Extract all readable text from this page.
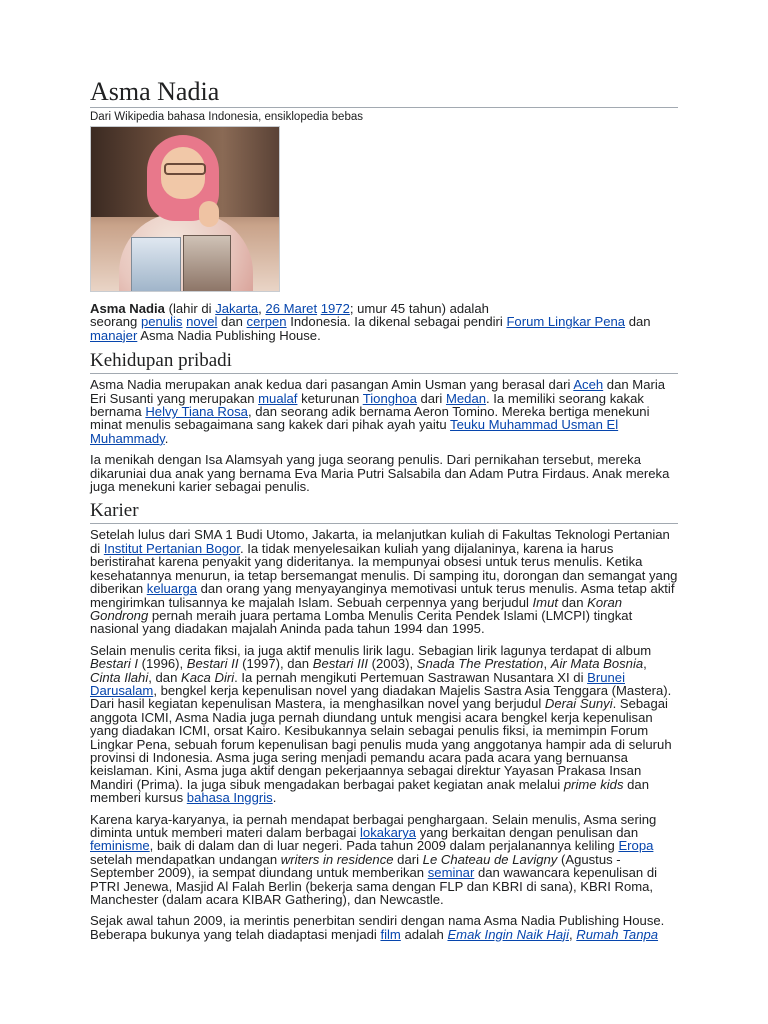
Asma Nadia
Dari Wikipedia bahasa Indonesia, ensiklopedia bebas

Asma Nadia (lahir di Jakarta, 26 Maret 1972; umur 45 tahun) adalah
seorang penulis novel dan cerpen Indonesia. Ia dikenal sebagai pendiri Forum Lingkar Pena dan manajer Asma Nadia Publishing House.

Kehidupan pribadi

Asma Nadia merupakan anak kedua dari pasangan Amin Usman yang berasal dari Aceh dan Maria Eri Susanti yang merupakan mualaf keturunan Tionghoa dari Medan. Ia memiliki seorang kakak bernama Helvy Tiana Rosa, dan seorang adik bernama Aeron Tomino. Mereka bertiga menekuni minat menulis sebagaimana sang kakek dari pihak ayah yaitu Teuku Muhammad Usman El Muhammady.

Ia menikah dengan Isa Alamsyah yang juga seorang penulis. Dari pernikahan tersebut, mereka dikaruniai dua anak yang bernama Eva Maria Putri Salsabila dan Adam Putra Firdaus. Anak mereka juga menekuni karier sebagai penulis.

Karier

Setelah lulus dari SMA 1 Budi Utomo, Jakarta, ia melanjutkan kuliah di Fakultas Teknologi Pertanian di Institut Pertanian Bogor. Ia tidak menyelesaikan kuliah yang dijalaninya, karena ia harus beristirahat karena penyakit yang dideritanya. Ia mempunyai obsesi untuk terus menulis. Ketika kesehatannya menurun, ia tetap bersemangat menulis. Di samping itu, dorongan dan semangat yang diberikan keluarga dan orang yang menyayanginya memotivasi untuk terus menulis. Asma tetap aktif mengirimkan tulisannya ke majalah Islam. Sebuah cerpennya yang berjudul Imut dan Koran Gondrong pernah meraih juara pertama Lomba Menulis Cerita Pendek Islami (LMCPI) tingkat nasional yang diadakan majalah Aninda pada tahun 1994 dan 1995.

Selain menulis cerita fiksi, ia juga aktif menulis lirik lagu. Sebagian lirik lagunya terdapat di album Bestari I (1996), Bestari II (1997), dan Bestari III (2003), Snada The Prestation, Air Mata Bosnia, Cinta Ilahi, dan Kaca Diri. Ia pernah mengikuti Pertemuan Sastrawan Nusantara XI di Brunei Darusalam, bengkel kerja kepenulisan novel yang diadakan Majelis Sastra Asia Tenggara (Mastera). Dari hasil kegiatan kepenulisan Mastera, ia menghasilkan novel yang berjudul Derai Sunyi. Sebagai anggota ICMI, Asma Nadia juga pernah diundang untuk mengisi acara bengkel kerja kepenulisan yang diadakan ICMI, orsat Kairo. Kesibukannya selain sebagai penulis fiksi, ia memimpin Forum Lingkar Pena, sebuah forum kepenulisan bagi penulis muda yang anggotanya hampir ada di seluruh provinsi di Indonesia. Asma juga sering menjadi pemandu acara pada acara yang bernuansa keislaman. Kini, Asma juga aktif dengan pekerjaannya sebagai direktur Yayasan Prakasa Insan Mandiri (Prima). Ia juga sibuk mengadakan berbagai paket kegiatan anak melalui prime kids dan memberi kursus bahasa Inggris.

Karena karya-karyanya, ia pernah mendapat berbagai penghargaan. Selain menulis, Asma sering diminta untuk memberi materi dalam berbagai lokakarya yang berkaitan dengan penulisan dan feminisme, baik di dalam dan di luar negeri. Pada tahun 2009 dalam perjalanannya keliling Eropa setelah mendapatkan undangan writers in residence dari Le Chateau de Lavigny (Agustus - September 2009), ia sempat diundang untuk memberikan seminar dan wawancara kepenulisan di PTRI Jenewa, Masjid Al Falah Berlin (bekerja sama dengan FLP dan KBRI di sana), KBRI Roma, Manchester (dalam acara KIBAR Gathering), dan Newcastle.

Sejak awal tahun 2009, ia merintis penerbitan sendiri dengan nama Asma Nadia Publishing House. Beberapa bukunya yang telah diadaptasi menjadi film adalah Emak Ingin Naik Haji, Rumah Tanpa
